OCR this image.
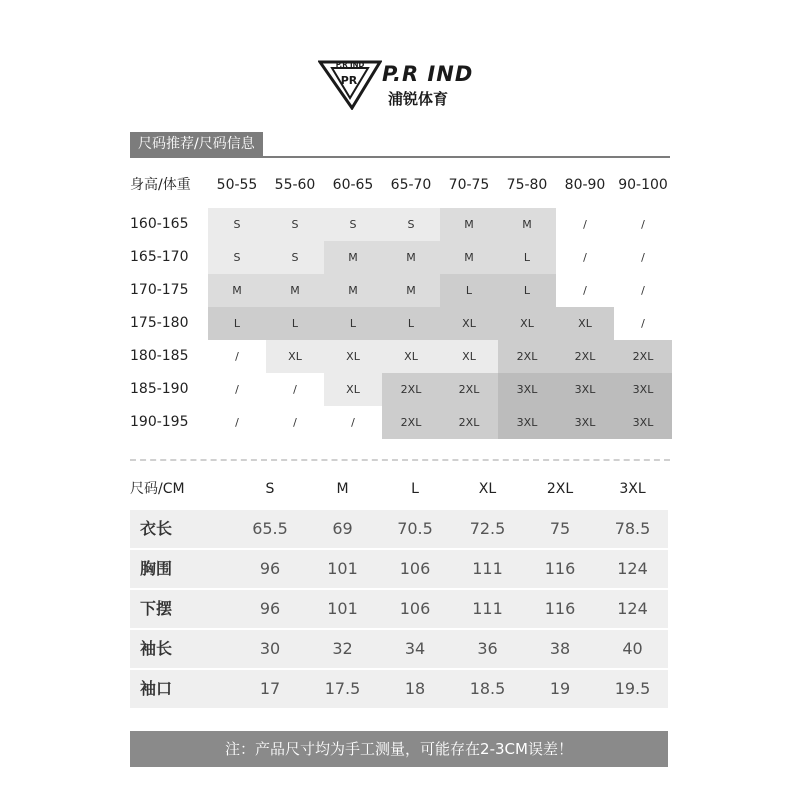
P.R IND
PR P.R IND
浦锐体育
尺码推荐/尺码信息
身高/体重	50-55	55-60	60-65	65-70	70-75	75-80	80-90 90-100
160-165	S	S	S	S	M	M	/	/
165-170	S	S	M	M	M	L	/	/
170-175	M	M	M	M	L	L	/	/
175-180	L	L	L	L	XL	XL	XL	/
180-185	/	XL	XL	XL	XL	2XL	2XL	2XL
185-190	/	/	XL	2XL	2XL	3XL	3XL	3XL
190-195	/	/	/	2XL	2XL	3XL	3XL	3XL
尺码/CM	S	M	L	XL	2XL	3XL
衣长	65.5	69	70.5	72.5	75	78.5
胸围	96	101	106	111	116	124
下摆	96	101	106	111	116	124
袖长	30	32	34	36	38	40
袖口	17	17.5	18	18.5	19	19.5
注：产品尺寸均为手工测量，可能存在2-3CM误差！
